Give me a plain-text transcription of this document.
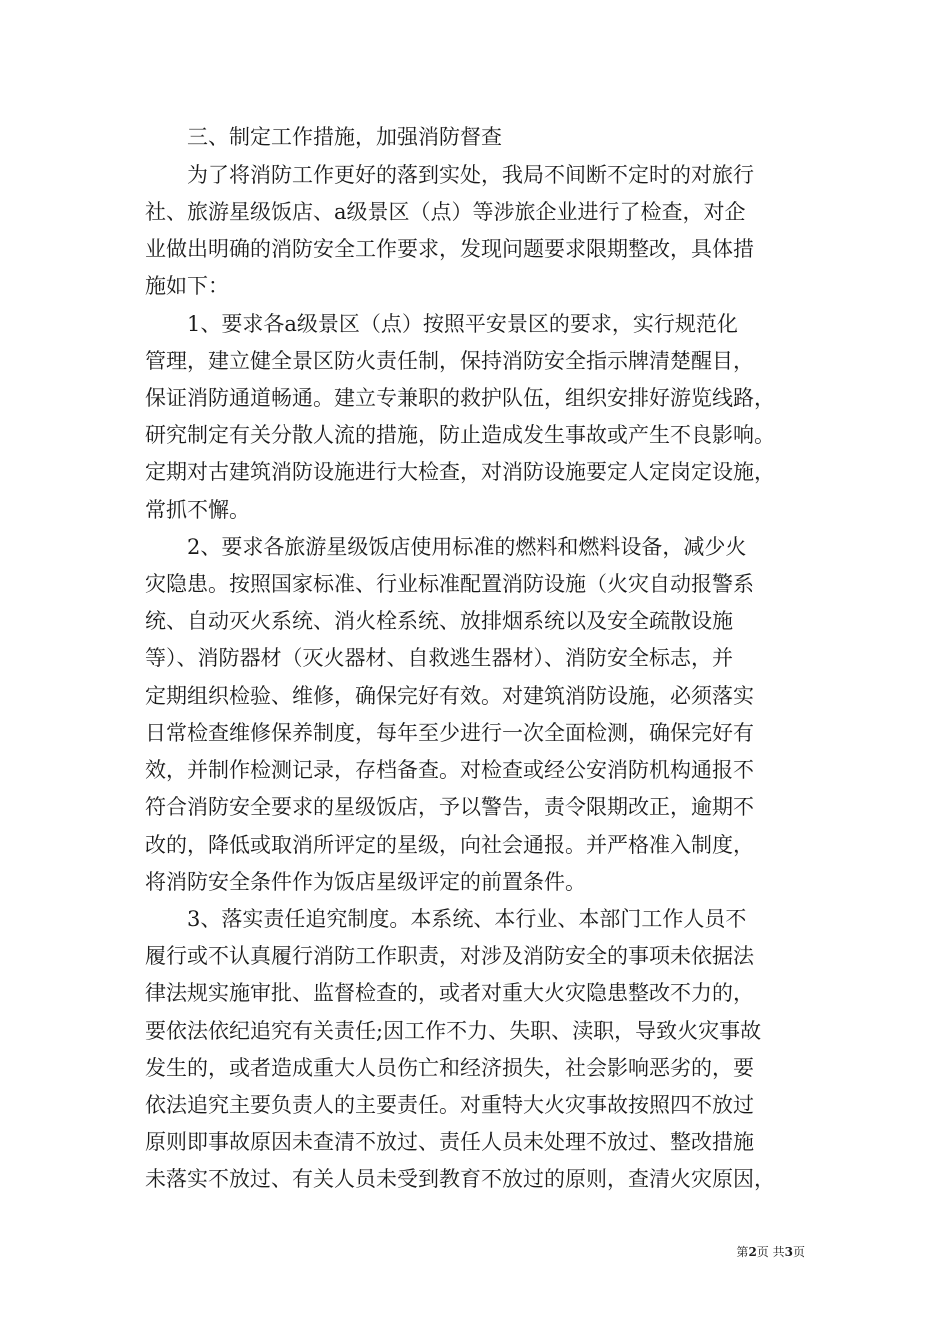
　　三、制定工作措施，加强消防督查
　　为了将消防工作更好的落到实处，我局不间断不定时的对旅行
社、旅游星级饭店、a级景区（点）等涉旅企业进行了检查，对企
业做出明确的消防安全工作要求，发现问题要求限期整改，具体措
施如下：
　　1、要求各a级景区（点）按照平安景区的要求，实行规范化
管理，建立健全景区防火责任制，保持消防安全指示牌清楚醒目，
保证消防通道畅通。建立专兼职的救护队伍，组织安排好游览线路，
研究制定有关分散人流的措施，防止造成发生事故或产生不良影响。
定期对古建筑消防设施进行大检查，对消防设施要定人定岗定设施，
常抓不懈。
　　2、要求各旅游星级饭店使用标准的燃料和燃料设备，减少火
灾隐患。按照国家标准、行业标准配置消防设施（火灾自动报警系
统、自动灭火系统、消火栓系统、放排烟系统以及安全疏散设施
等）、消防器材（灭火器材、自救逃生器材）、消防安全标志，并
定期组织检验、维修，确保完好有效。对建筑消防设施，必须落实
日常检查维修保养制度，每年至少进行一次全面检测，确保完好有
效，并制作检测记录，存档备查。对检查或经公安消防机构通报不
符合消防安全要求的星级饭店，予以警告，责令限期改正，逾期不
改的，降低或取消所评定的星级，向社会通报。并严格准入制度，
将消防安全条件作为饭店星级评定的前置条件。
　　3、落实责任追究制度。本系统、本行业、本部门工作人员不
履行或不认真履行消防工作职责，对涉及消防安全的事项未依据法
律法规实施审批、监督检查的，或者对重大火灾隐患整改不力的，
要依法依纪追究有关责任;因工作不力、失职、渎职，导致火灾事故
发生的，或者造成重大人员伤亡和经济损失，社会影响恶劣的，要
依法追究主要负责人的主要责任。对重特大火灾事故按照四不放过
原则即事故原因未查清不放过、责任人员未处理不放过、整改措施
未落实不放过、有关人员未受到教育不放过的原则，查清火灾原因，
第2页 共3页
